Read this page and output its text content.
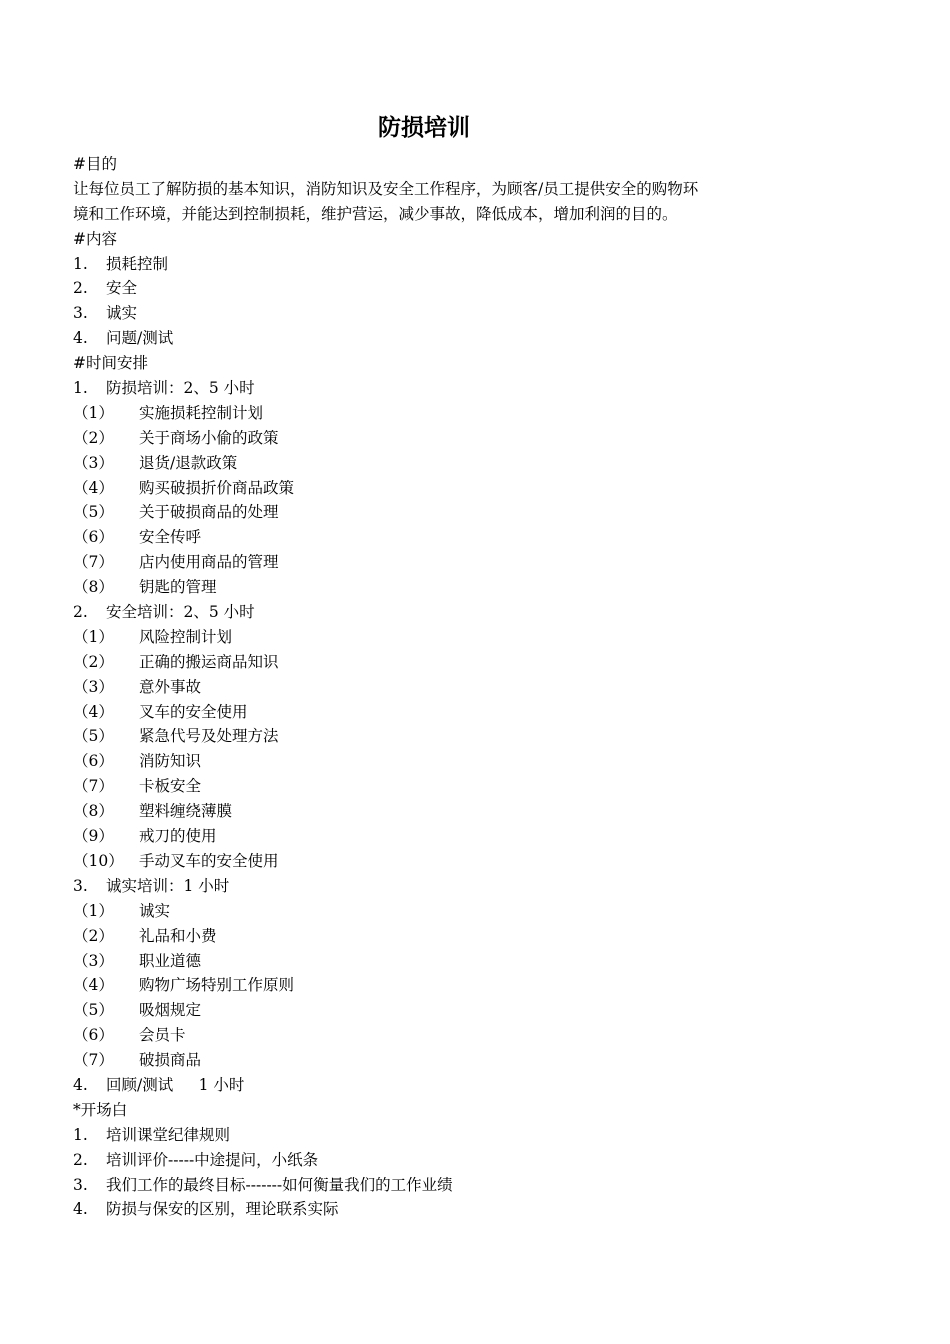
防损培训
#目的
让每位员工了解防损的基本知识，消防知识及安全工作程序，为顾客/员工提供安全的购物环
境和工作环境，并能达到控制损耗，维护营运，减少事故，降低成本，增加利润的目的。
#内容
1. 损耗控制
2. 安全
3. 诚实
4. 问题/测试
#时间安排
1. 防损培训：2、5 小时
（1） 实施损耗控制计划
（2） 关于商场小偷的政策
（3） 退货/退款政策
（4） 购买破损折价商品政策
（5） 关于破损商品的处理
（6） 安全传呼
（7） 店内使用商品的管理
（8） 钥匙的管理
2. 安全培训：2、5 小时
（1） 风险控制计划
（2） 正确的搬运商品知识
（3） 意外事故
（4） 叉车的安全使用
（5） 紧急代号及处理方法
（6） 消防知识
（7） 卡板安全
（8） 塑料缠绕薄膜
（9） 戒刀的使用
（10） 手动叉车的安全使用
3. 诚实培训：1 小时
（1） 诚实
（2） 礼品和小费
（3） 职业道德
（4） 购物广场特别工作原则
（5） 吸烟规定
（6） 会员卡
（7） 破损商品
4. 回顾/测试 　 1 小时
*开场白
1. 培训课堂纪律规则
2. 培训评价-----中途提问，小纸条
3. 我们工作的最终目标-------如何衡量我们的工作业绩
4. 防损与保安的区别，理论联系实际
